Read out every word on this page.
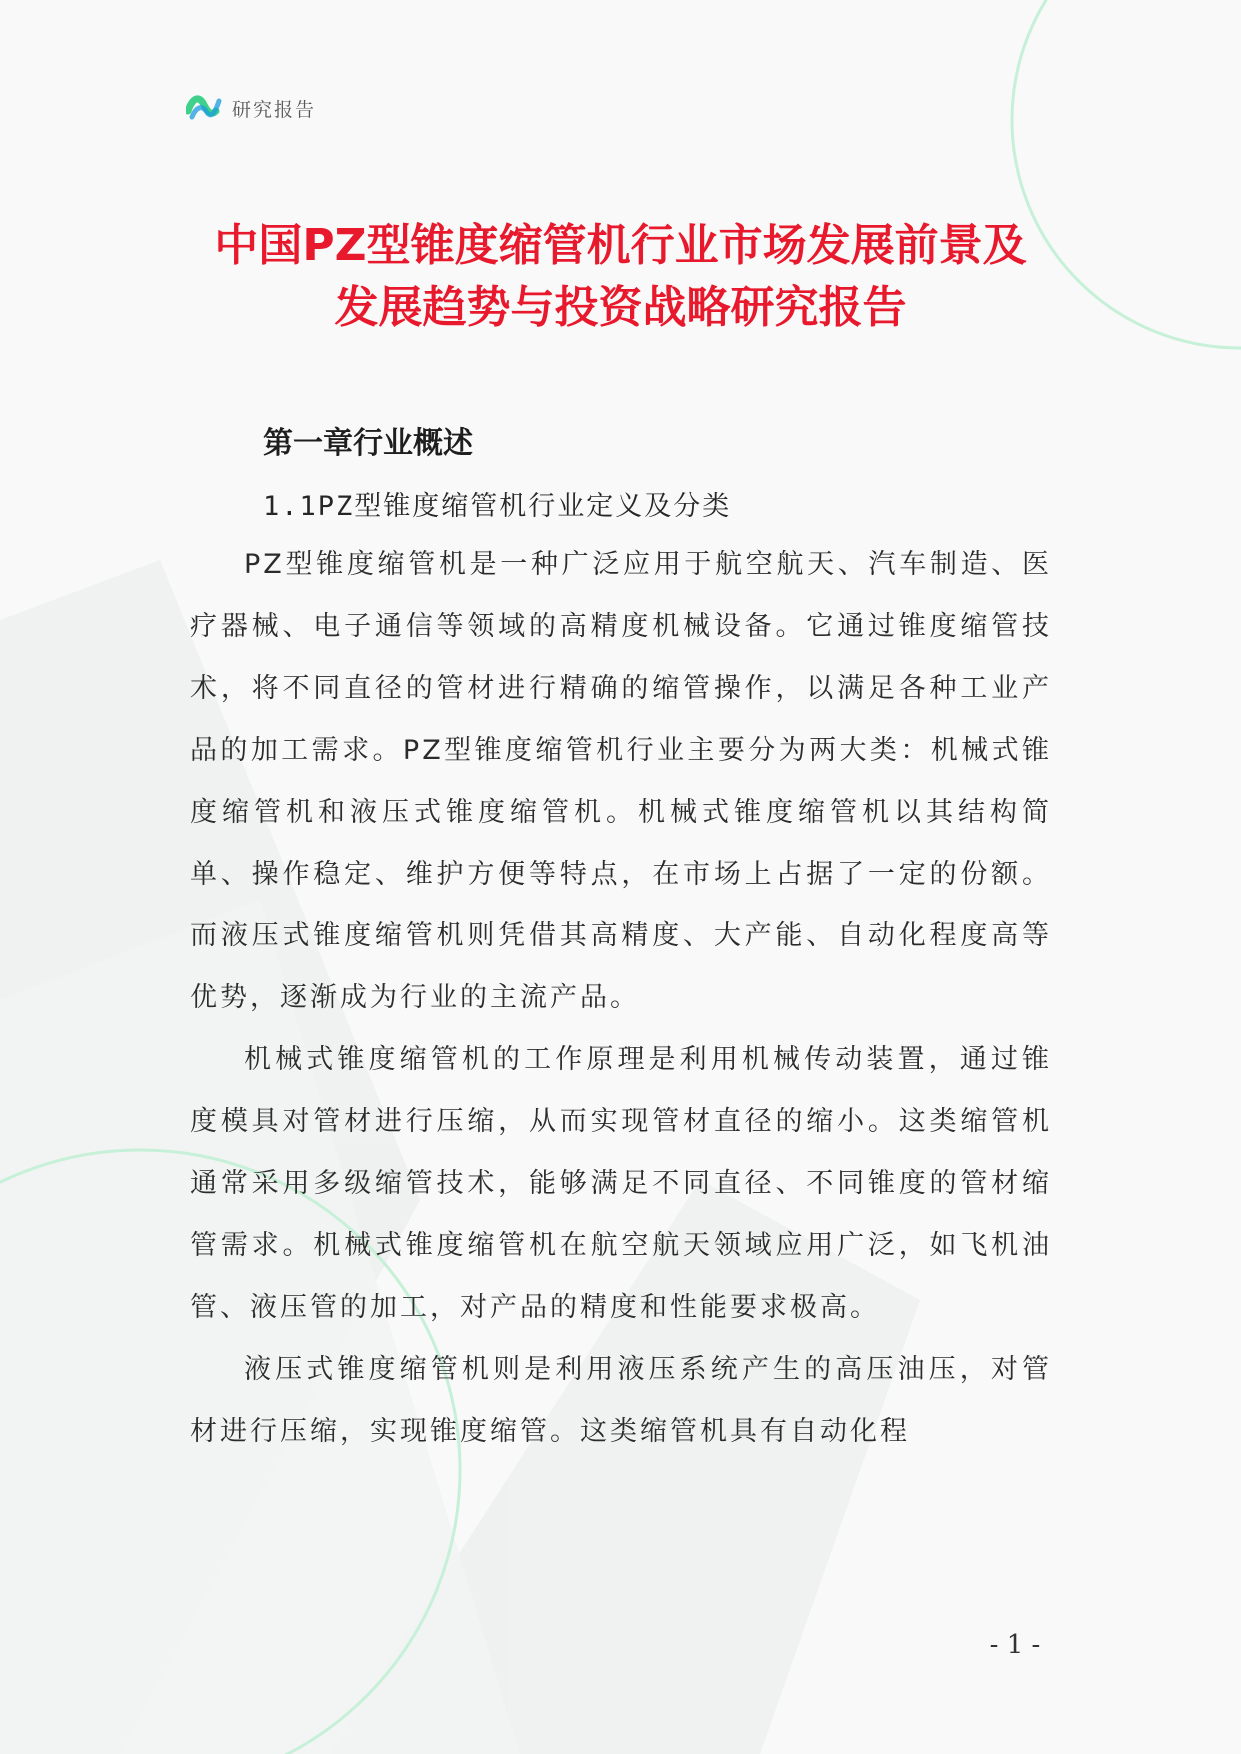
研究报告
中国PZ型锥度缩管机行业市场发展前景及
发展趋势与投资战略研究报告
第一章行业概述
1.1PZ型锥度缩管机行业定义及分类

PZ型锥度缩管机是一种广泛应用于航空航天、汽车制造、医疗器械、电子通信等领域的高精度机械设备。它通过锥度缩管技术，将不同直径的管材进行精确的缩管操作，以满足各种工业产品的加工需求。PZ型锥度缩管机行业主要分为两大类：机械式锥度缩管机和液压式锥度缩管机。机械式锥度缩管机以其结构简单、操作稳定、维护方便等特点，在市场上占据了一定的份额。而液压式锥度缩管机则凭借其高精度、大产能、自动化程度高等优势，逐渐成为行业的主流产品。

机械式锥度缩管机的工作原理是利用机械传动装置，通过锥度模具对管材进行压缩，从而实现管材直径的缩小。这类缩管机通常采用多级缩管技术，能够满足不同直径、不同锥度的管材缩管需求。机械式锥度缩管机在航空航天领域应用广泛，如飞机油管、液压管的加工，对产品的精度和性能要求极高。

液压式锥度缩管机则是利用液压系统产生的高压油压，对管材进行压缩，实现锥度缩管。这类缩管机具有自动化程

- 1 -
